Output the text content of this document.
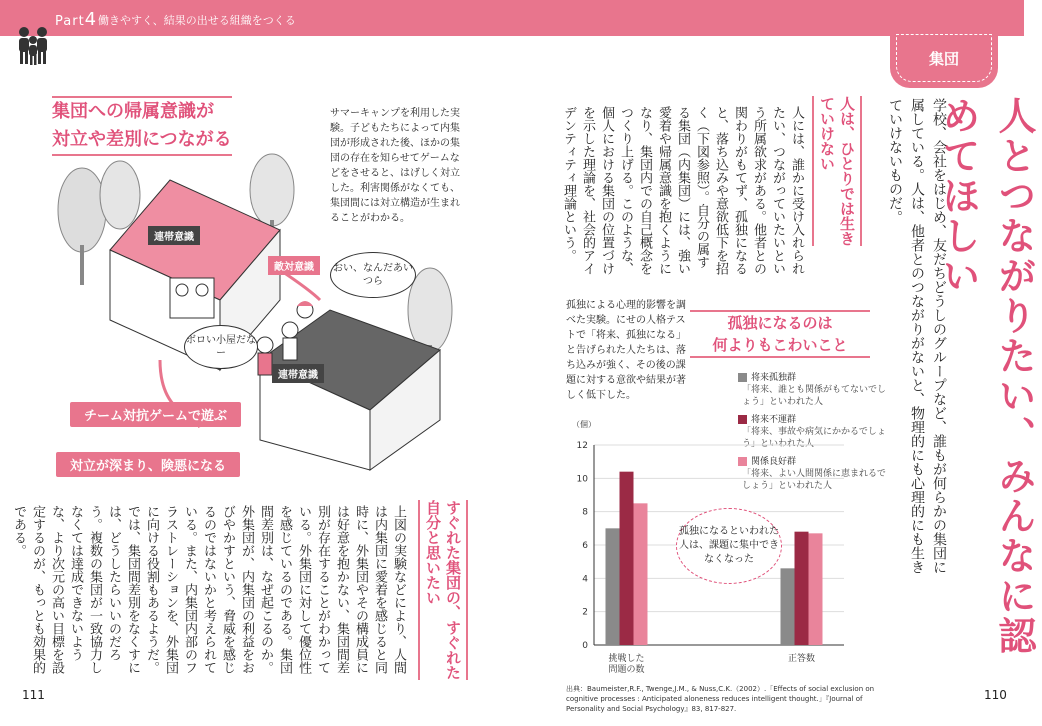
Part4 働きやすく、結果の出せる組織をつくる
集団
人とつながりたい、みんなに認めてほしい
学校、会社をはじめ、友だちどうしのグループなど、誰もが何らかの集団に属している。人は、他者とのつながりがないと、物理的にも心理的にも生きていけないものだ。
人は、ひとりでは生きていけない
人には、誰かに受け入れられたい、つながっていたいという所属欲求がある。他者との関わりがもてず、孤独になると、落ち込みや意欲低下を招く（下図参照）。自分の属する集団（内集団）には、強い愛着や帰属意識を抱くようになり、集団内での自己概念をつくり上げる。このような、個人における集団の位置づけを示した理論を、社会的アイデンティティ理論という。
孤独による心理的影響を調べた実験。にせの人格テストで「将来、孤独になる」と告げられた人たちは、落ち込みが強く、その後の課題に対する意欲や結果が著しく低下した。
孤独になるのは
何よりもこわいこと
将来孤独群
「将来、誰とも関係がもてないでしょう」といわれた人
将来不運群
「将来、事故や病気にかかるでしょう」といわれた人
関係良好群
「将来、よい人間関係に恵まれるでしょう」といわれた人
（個）
0
2
4
6
8
10
12
挑戦した
問題の数
正答数
孤独になるといわれた人は、課題に集中できなくなった
出典：Baumeister,R.F., Twenge,J.M., & Nuss,C.K.（2002）.「Effects of social exclusion on cognitive processes : Anticipated aloneness reduces intelligent thought.」『Journal of Personality and Social Psychology』83, 817-827.
110
集団への帰属意識が
対立や差別につながる
サマーキャンプを利用した実験。子どもたちによって内集団が形成された後、ほかの集団の存在を知らせてゲームなどをさせると、はげしく対立した。利害関係がなくても、集団間には対立構造が生まれることがわかる。
連帯意識
敵対意識
連帯意識
おい、なんだあいつら
ボロい小屋だなー
チーム対抗ゲームで遊ぶ
対立が深まり、険悪になる
すぐれた集団の、すぐれた自分と思いたい
上図の実験などにより、人間は内集団に愛着を感じると同時に、外集団やその構成員には好意を抱かない、集団間差別が存在することがわかっている。外集団に対して優位性を感じているのである。集団間差別は、なぜ起こるのか。外集団が、内集団の利益をおびやかすという、脅威を感じるのではないかと考えられている。また、内集団内部のフラストレーションを、外集団に向ける役割もあるようだ。では、集団間差別をなくすには、どうしたらいいのだろう。複数の集団が一致協力しなくては達成できないような、より次元の高い目標を設定するのが、もっとも効果的である。
111
